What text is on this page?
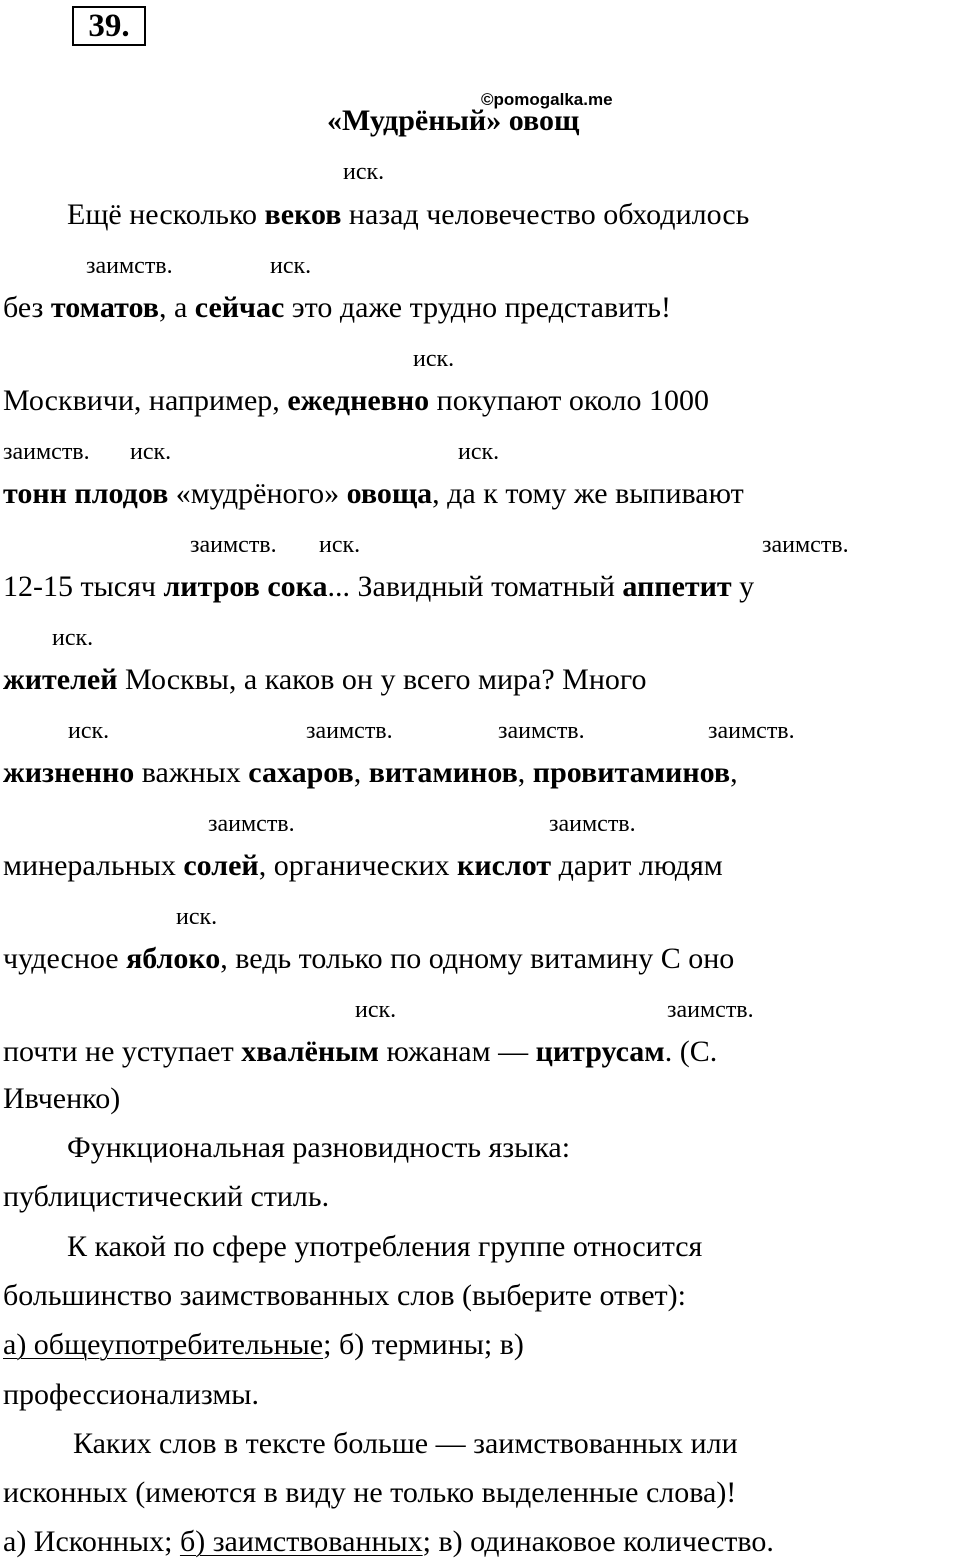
39.
©pomogalka.me
«Мудрёный» овощ
иск.
заимств.	иск.
иск.
заимств. иск.	иск.
заимств. иск.	заимств.
иск.
иск.	заимств.	заимств.	заимств.
заимств.	заимств.
иск.
иск.	заимств.
Ещё несколько веков назад человечество обходилось
без томатов, а сейчас это даже трудно представить!
Москвичи, например, ежедневно покупают около 1000
тонн плодов «мудрёного» овоща, да к тому же выпивают
12-15 тысяч литров сока... Завидный томатный аппетит у
жителей Москвы, а каков он у всего мира? Много
жизненно важных сахаров, витаминов, провитаминов,
минеральных солей, органических кислот дарит людям
чудесное яблоко, ведь только по одному витамину С оно
почти не уступает хвалёным южанам — цитрусам. (С.
Ивченко)
Функциональная разновидность языка:
публицистический стиль.
К какой по сфере употребления группе относится
большинство заимствованных слов (выберите ответ):
а) общеупотребительные; б) термины; в)
профессионализмы.
Каких слов в тексте больше — заимствованных или
исконных (имеются в виду не только выделенные слова)!
а) Исконных; б) заимствованных; в) одинаковое количество.
